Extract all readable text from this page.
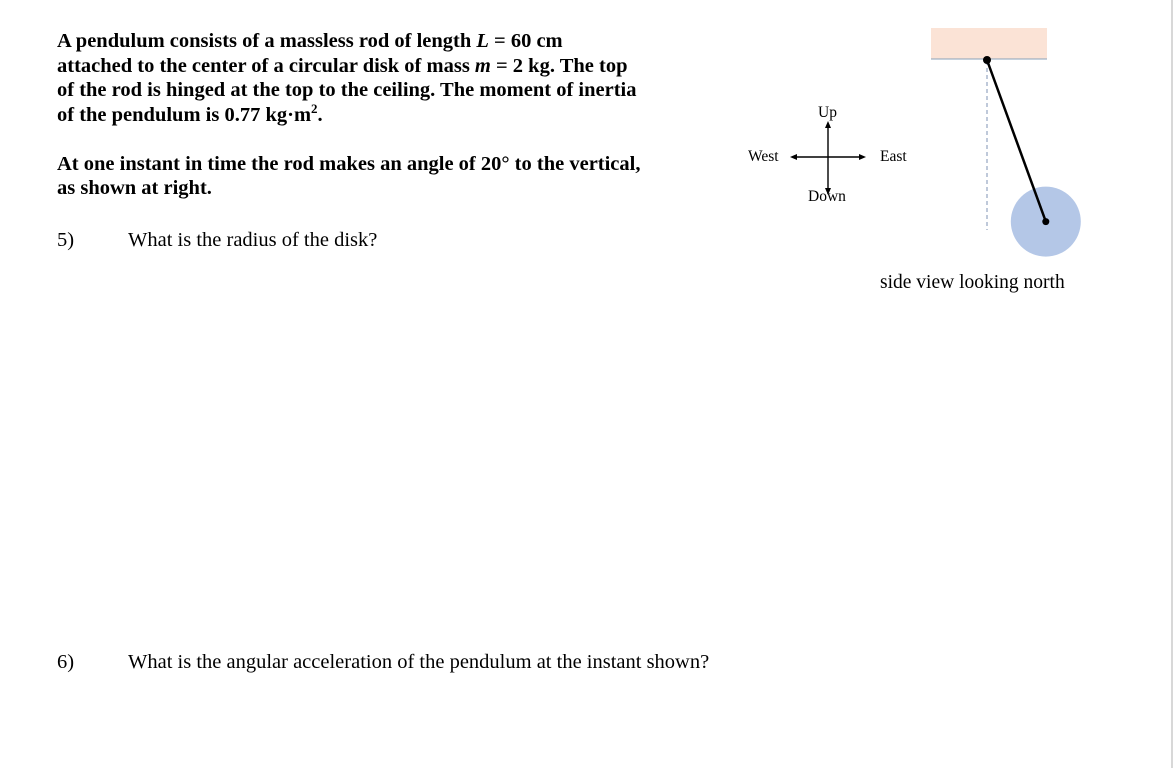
A pendulum consists of a massless rod of length L = 60 cm

attached to the center of a circular disk of mass m = 2 kg. The top

of the rod is hinged at the top to the ceiling. The moment of inertia

of the pendulum is 0.77 $kg\cdot m^2$.

At one instant in time the rod makes an angle of 20° to the vertical,

as shown at right.

5)	What is the radius of the disk?
6)	What is the angular acceleration of the pendulum at the instant shown?
Up
Down
West	East
side view looking north
